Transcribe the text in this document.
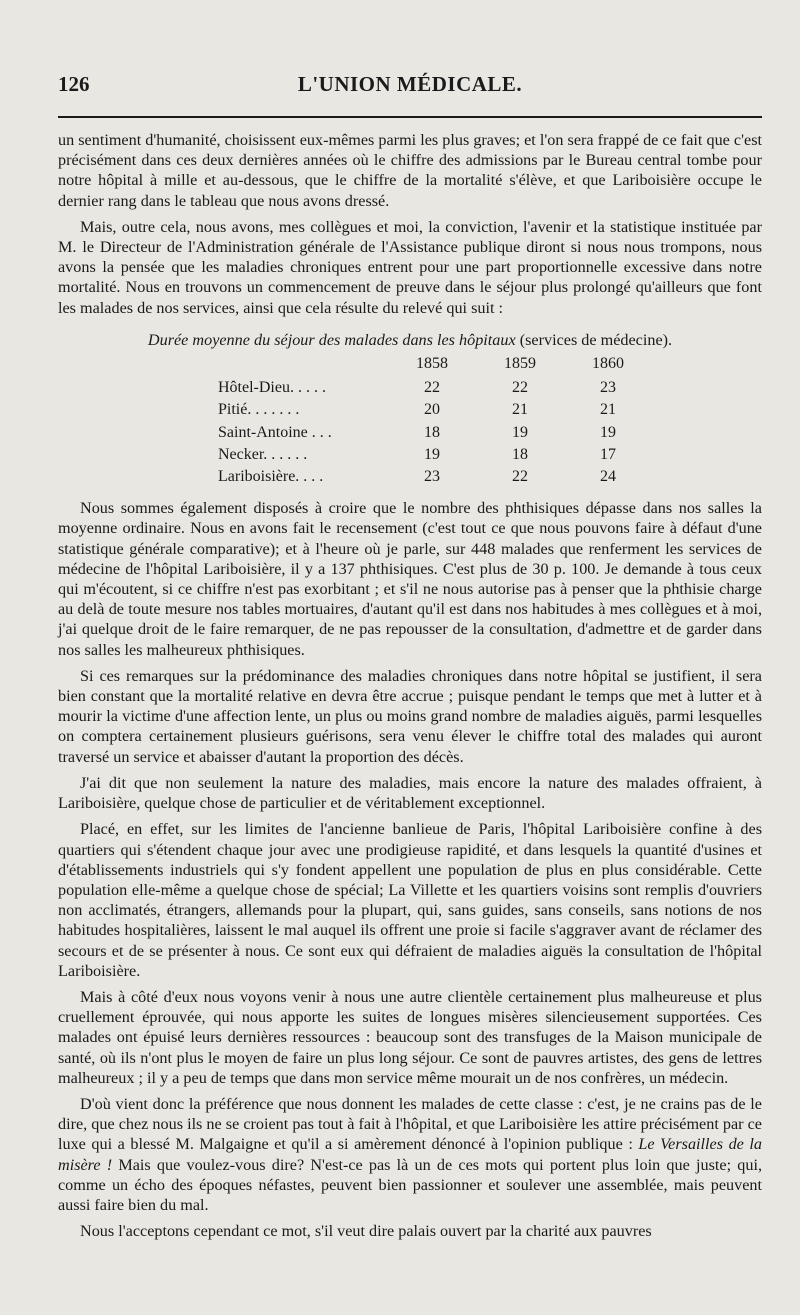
126	L'UNION MÉDICALE.

un sentiment d'humanité, choisissent eux-mêmes parmi les plus graves; et l'on sera frappé de ce fait que c'est précisément dans ces deux dernières années où le chiffre des admissions par le Bureau central tombe pour notre hôpital à mille et au-dessous, que le chiffre de la mortalité s'élève, et que Lariboisière occupe le dernier rang dans le tableau que nous avons dressé.

Mais, outre cela, nous avons, mes collègues et moi, la conviction, l'avenir et la statistique instituée par M. le Directeur de l'Administration générale de l'Assistance publique diront si nous nous trompons, nous avons la pensée que les maladies chroniques entrent pour une part proportionnelle excessive dans notre mortalité. Nous en trouvons un commencement de preuve dans le séjour plus prolongé qu'ailleurs que font les malades de nos services, ainsi que cela résulte du relevé qui suit :

Durée moyenne du séjour des malades dans les hôpitaux (services de médecine).
	1858	1859	1860
Hôtel-Dieu. . . . .	22	22	23
Pitié. . . . . . .	20	21	21
Saint-Antoine . . .	18	19	19
Necker. . . . . .	19	18	17
Lariboisière. . . .	23	22	24

Nous sommes également disposés à croire que le nombre des phthisiques dépasse dans nos salles la moyenne ordinaire. Nous en avons fait le recensement (c'est tout ce que nous pouvons faire à défaut d'une statistique générale comparative); et à l'heure où je parle, sur 448 malades que renferment les services de médecine de l'hôpital Lariboisière, il y a 137 phthisiques. C'est plus de 30 p. 100. Je demande à tous ceux qui m'écoutent, si ce chiffre n'est pas exorbitant ; et s'il ne nous autorise pas à penser que la phthisie charge au delà de toute mesure nos tables mortuaires, d'autant qu'il est dans nos habitudes à mes collègues et à moi, j'ai quelque droit de le faire remarquer, de ne pas repousser de la consultation, d'admettre et de garder dans nos salles les malheureux phthisiques.

Si ces remarques sur la prédominance des maladies chroniques dans notre hôpital se justifient, il sera bien constant que la mortalité relative en devra être accrue ; puisque pendant le temps que met à lutter et à mourir la victime d'une affection lente, un plus ou moins grand nombre de maladies aiguës, parmi lesquelles on comptera certainement plusieurs guérisons, sera venu élever le chiffre total des malades qui auront traversé un service et abaisser d'autant la proportion des décès.

J'ai dit que non seulement la nature des maladies, mais encore la nature des malades offraient, à Lariboisière, quelque chose de particulier et de véritablement exceptionnel.

Placé, en effet, sur les limites de l'ancienne banlieue de Paris, l'hôpital Lariboisière confine à des quartiers qui s'étendent chaque jour avec une prodigieuse rapidité, et dans lesquels la quantité d'usines et d'établissements industriels qui s'y fondent appellent une population de plus en plus considérable. Cette population elle-même a quelque chose de spécial; La Villette et les quartiers voisins sont remplis d'ouvriers non acclimatés, étrangers, allemands pour la plupart, qui, sans guides, sans conseils, sans notions de nos habitudes hospitalières, laissent le mal auquel ils offrent une proie si facile s'aggraver avant de réclamer des secours et de se présenter à nous. Ce sont eux qui défraient de maladies aiguës la consultation de l'hôpital Lariboisière.

Mais à côté d'eux nous voyons venir à nous une autre clientèle certainement plus malheureuse et plus cruellement éprouvée, qui nous apporte les suites de longues misères silencieusement supportées. Ces malades ont épuisé leurs dernières ressources : beaucoup sont des transfuges de la Maison municipale de santé, où ils n'ont plus le moyen de faire un plus long séjour. Ce sont de pauvres artistes, des gens de lettres malheureux ; il y a peu de temps que dans mon service même mourait un de nos confrères, un médecin.

D'où vient donc la préférence que nous donnent les malades de cette classe : c'est, je ne crains pas de le dire, que chez nous ils ne se croient pas tout à fait à l'hôpital, et que Lariboisière les attire précisément par ce luxe qui a blessé M. Malgaigne et qu'il a si amèrement dénoncé à l'opinion publique : Le Versailles de la misère ! Mais que voulez-vous dire? N'est-ce pas là un de ces mots qui portent plus loin que juste; qui, comme un écho des époques néfastes, peuvent bien passionner et soulever une assemblée, mais peuvent aussi faire bien du mal.

Nous l'acceptons cependant ce mot, s'il veut dire palais ouvert par la charité aux pauvres
